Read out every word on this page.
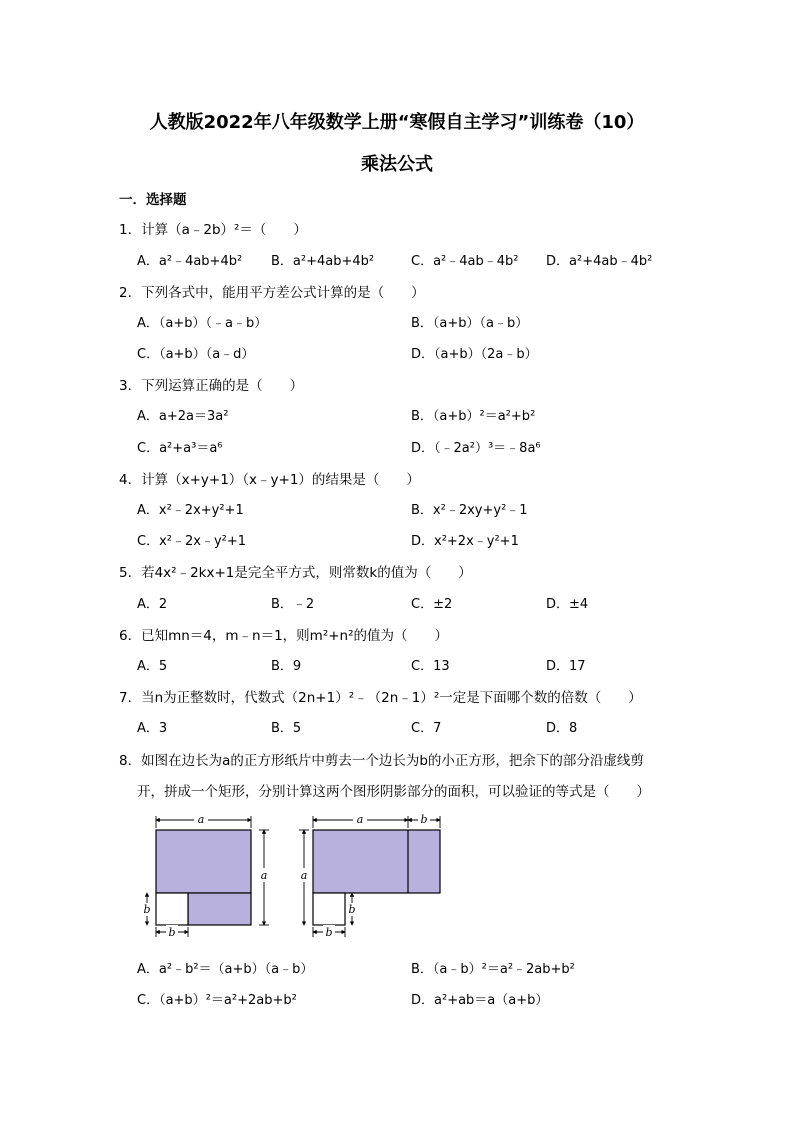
人教版2022年八年级数学上册“寒假自主学习”训练卷（10）
乘法公式
一．选择题
1．计算（a﹣2b）²＝（　　）
A．a²﹣4ab+4b² B．a²+4ab+4b²	C．a²﹣4ab﹣4b² D．a²+4ab﹣4b²
2．下列各式中，能用平方差公式计算的是（　　）
A．（a+b）（﹣a﹣b）	B．（a+b）（a﹣b）
C．（a+b）（a﹣d）	D．（a+b）（2a﹣b）
3．下列运算正确的是（　　）
A．a+2a＝3a²	B．（a+b）²＝a²+b²
C．a²+a³＝a⁶	D．（﹣2a²）³＝﹣8a⁶
4．计算（x+y+1）（x﹣y+1）的结果是（　　）
A．x²﹣2x+y²+1	B．x²﹣2xy+y²﹣1
C．x²﹣2x﹣y²+1	D．x²+2x﹣y²+1
5．若4x²﹣2kx+1是完全平方式，则常数k的值为（　　）
A．2	B．﹣2	C．±2	D．±4
6．已知mn＝4，m﹣n＝1，则m²+n²的值为（　　）
A．5	B．9	C．13	D．17
7．当n为正整数时，代数式（2n+1）²﹣（2n﹣1）²一定是下面哪个数的倍数（　　）
A．3	B．5	C．7	D．8
8．如图在边长为a的正方形纸片中剪去一个边长为b的小正方形，把余下的部分沿虚线剪
开，拼成一个矩形，分别计算这两个图形阴影部分的面积，可以验证的等式是（　　）
a
a
b
b
a	b
a
b
b
A．a²﹣b²＝（a+b）（a﹣b）	B．（a﹣b）²＝a²﹣2ab+b²
C．（a+b）²＝a²+2ab+b²	D．a²+ab＝a（a+b）
